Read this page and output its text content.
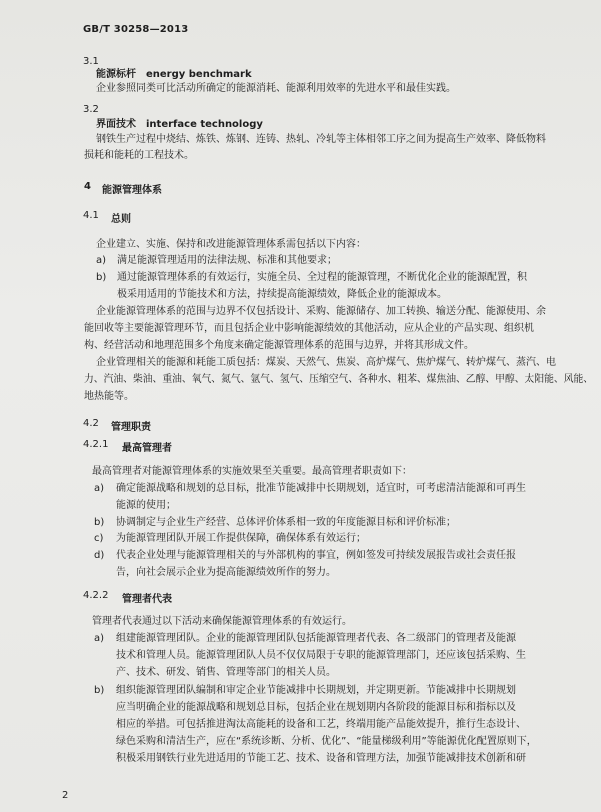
GB/T 30258—2013
3.1
能源标杆　energy benchmark
企业参照同类可比活动所确定的能源消耗、能源利用效率的先进水平和最佳实践。
3.2
界面技术　interface technology
钢铁生产过程中烧结、炼铁、炼钢、连铸、热轧、冷轧等主体相邻工序之间为提高生产效率、降低物料
损耗和能耗的工程技术。
4 能源管理体系
4.1 总则
企业建立、实施、保持和改进能源管理体系需包括以下内容：
a) 满足能源管理适用的法律法规、标准和其他要求；
b) 通过能源管理体系的有效运行，实施全员、全过程的能源管理，不断优化企业的能源配置，积
极采用适用的节能技术和方法，持续提高能源绩效，降低企业的能源成本。
企业能源管理体系的范围与边界不仅包括设计、采购、能源储存、加工转换、输送分配、能源使用、余
能回收等主要能源管理环节，而且包括企业中影响能源绩效的其他活动，应从企业的产品实现、组织机
构、经营活动和地理范围多个角度来确定能源管理体系的范围与边界，并将其形成文件。
企业管理相关的能源和耗能工质包括：煤炭、天然气、焦炭、高炉煤气、焦炉煤气、转炉煤气、蒸汽、电
力、汽油、柴油、重油、氧气、氮气、氩气、氢气、压缩空气、各种水、粗苯、煤焦油、乙醇、甲醇、太阳能、风能、
地热能等。
4.2 管理职责
4.2.1 最高管理者
最高管理者对能源管理体系的实施效果至关重要。最高管理者职责如下：
a) 确定能源战略和规划的总目标，批准节能减排中长期规划，适宜时，可考虑清洁能源和可再生
能源的使用；
b) 协调制定与企业生产经营、总体评价体系相一致的年度能源目标和评价标准；
c) 为能源管理团队开展工作提供保障，确保体系有效运行；
d) 代表企业处理与能源管理相关的与外部机构的事宜，例如签发可持续发展报告或社会责任报
告，向社会展示企业为提高能源绩效所作的努力。
4.2.2 管理者代表
管理者代表通过以下活动来确保能源管理体系的有效运行。
a) 组建能源管理团队。企业的能源管理团队包括能源管理者代表、各二级部门的管理者及能源
技术和管理人员。能源管理团队人员不仅仅局限于专职的能源管理部门，还应该包括采购、生
产、技术、研发、销售、管理等部门的相关人员。
b) 组织能源管理团队编制和审定企业节能减排中长期规划，并定期更新。节能减排中长期规划
应当明确企业的能源战略和规划总目标，包括企业在规划期内各阶段的能源目标和指标以及
相应的举措。可包括推进淘汰高能耗的设备和工艺，终端用能产品能效提升，推行生态设计、
绿色采购和清洁生产，应在“系统诊断、分析、优化”、“能量梯级利用”等能源优化配置原则下，
积极采用钢铁行业先进适用的节能工艺、技术、设备和管理方法，加强节能减排技术创新和研
2
